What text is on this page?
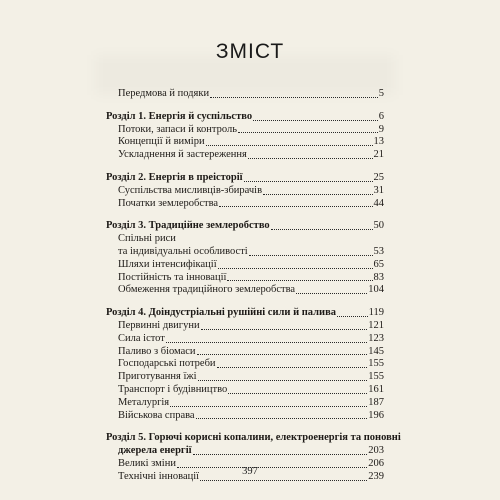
ЗМІСТ
Передмова й подяки	5
Розділ 1. Енергія й суспільство	6
Потоки, запаси й контроль	9
Концепції й виміри	13
Ускладнення й застереження	21
Розділ 2. Енергія в преісторії	25
Суспільства мисливців-збирачів	31
Початки землеробства	44
Розділ 3. Традиційне землеробство	50
Спільні риси
та індивідуальні особливості	53
Шляхи інтенсифікації	65
Постійність та інновації	83
Обмеження традиційного землеробства	104
Розділ 4. Доіндустріальні рушійні сили й палива	119
Первинні двигуни	121
Сила істот	123
Паливо з біомаси	145
Господарські потреби	155
Приготування їжі	155
Транспорт і будівництво	161
Металургія	187
Військова справа	196
Розділ 5. Горючі корисні копалини, електроенергія та поновні
джерела енергії	203
Великі зміни	206
Технічні інновації	239
397
